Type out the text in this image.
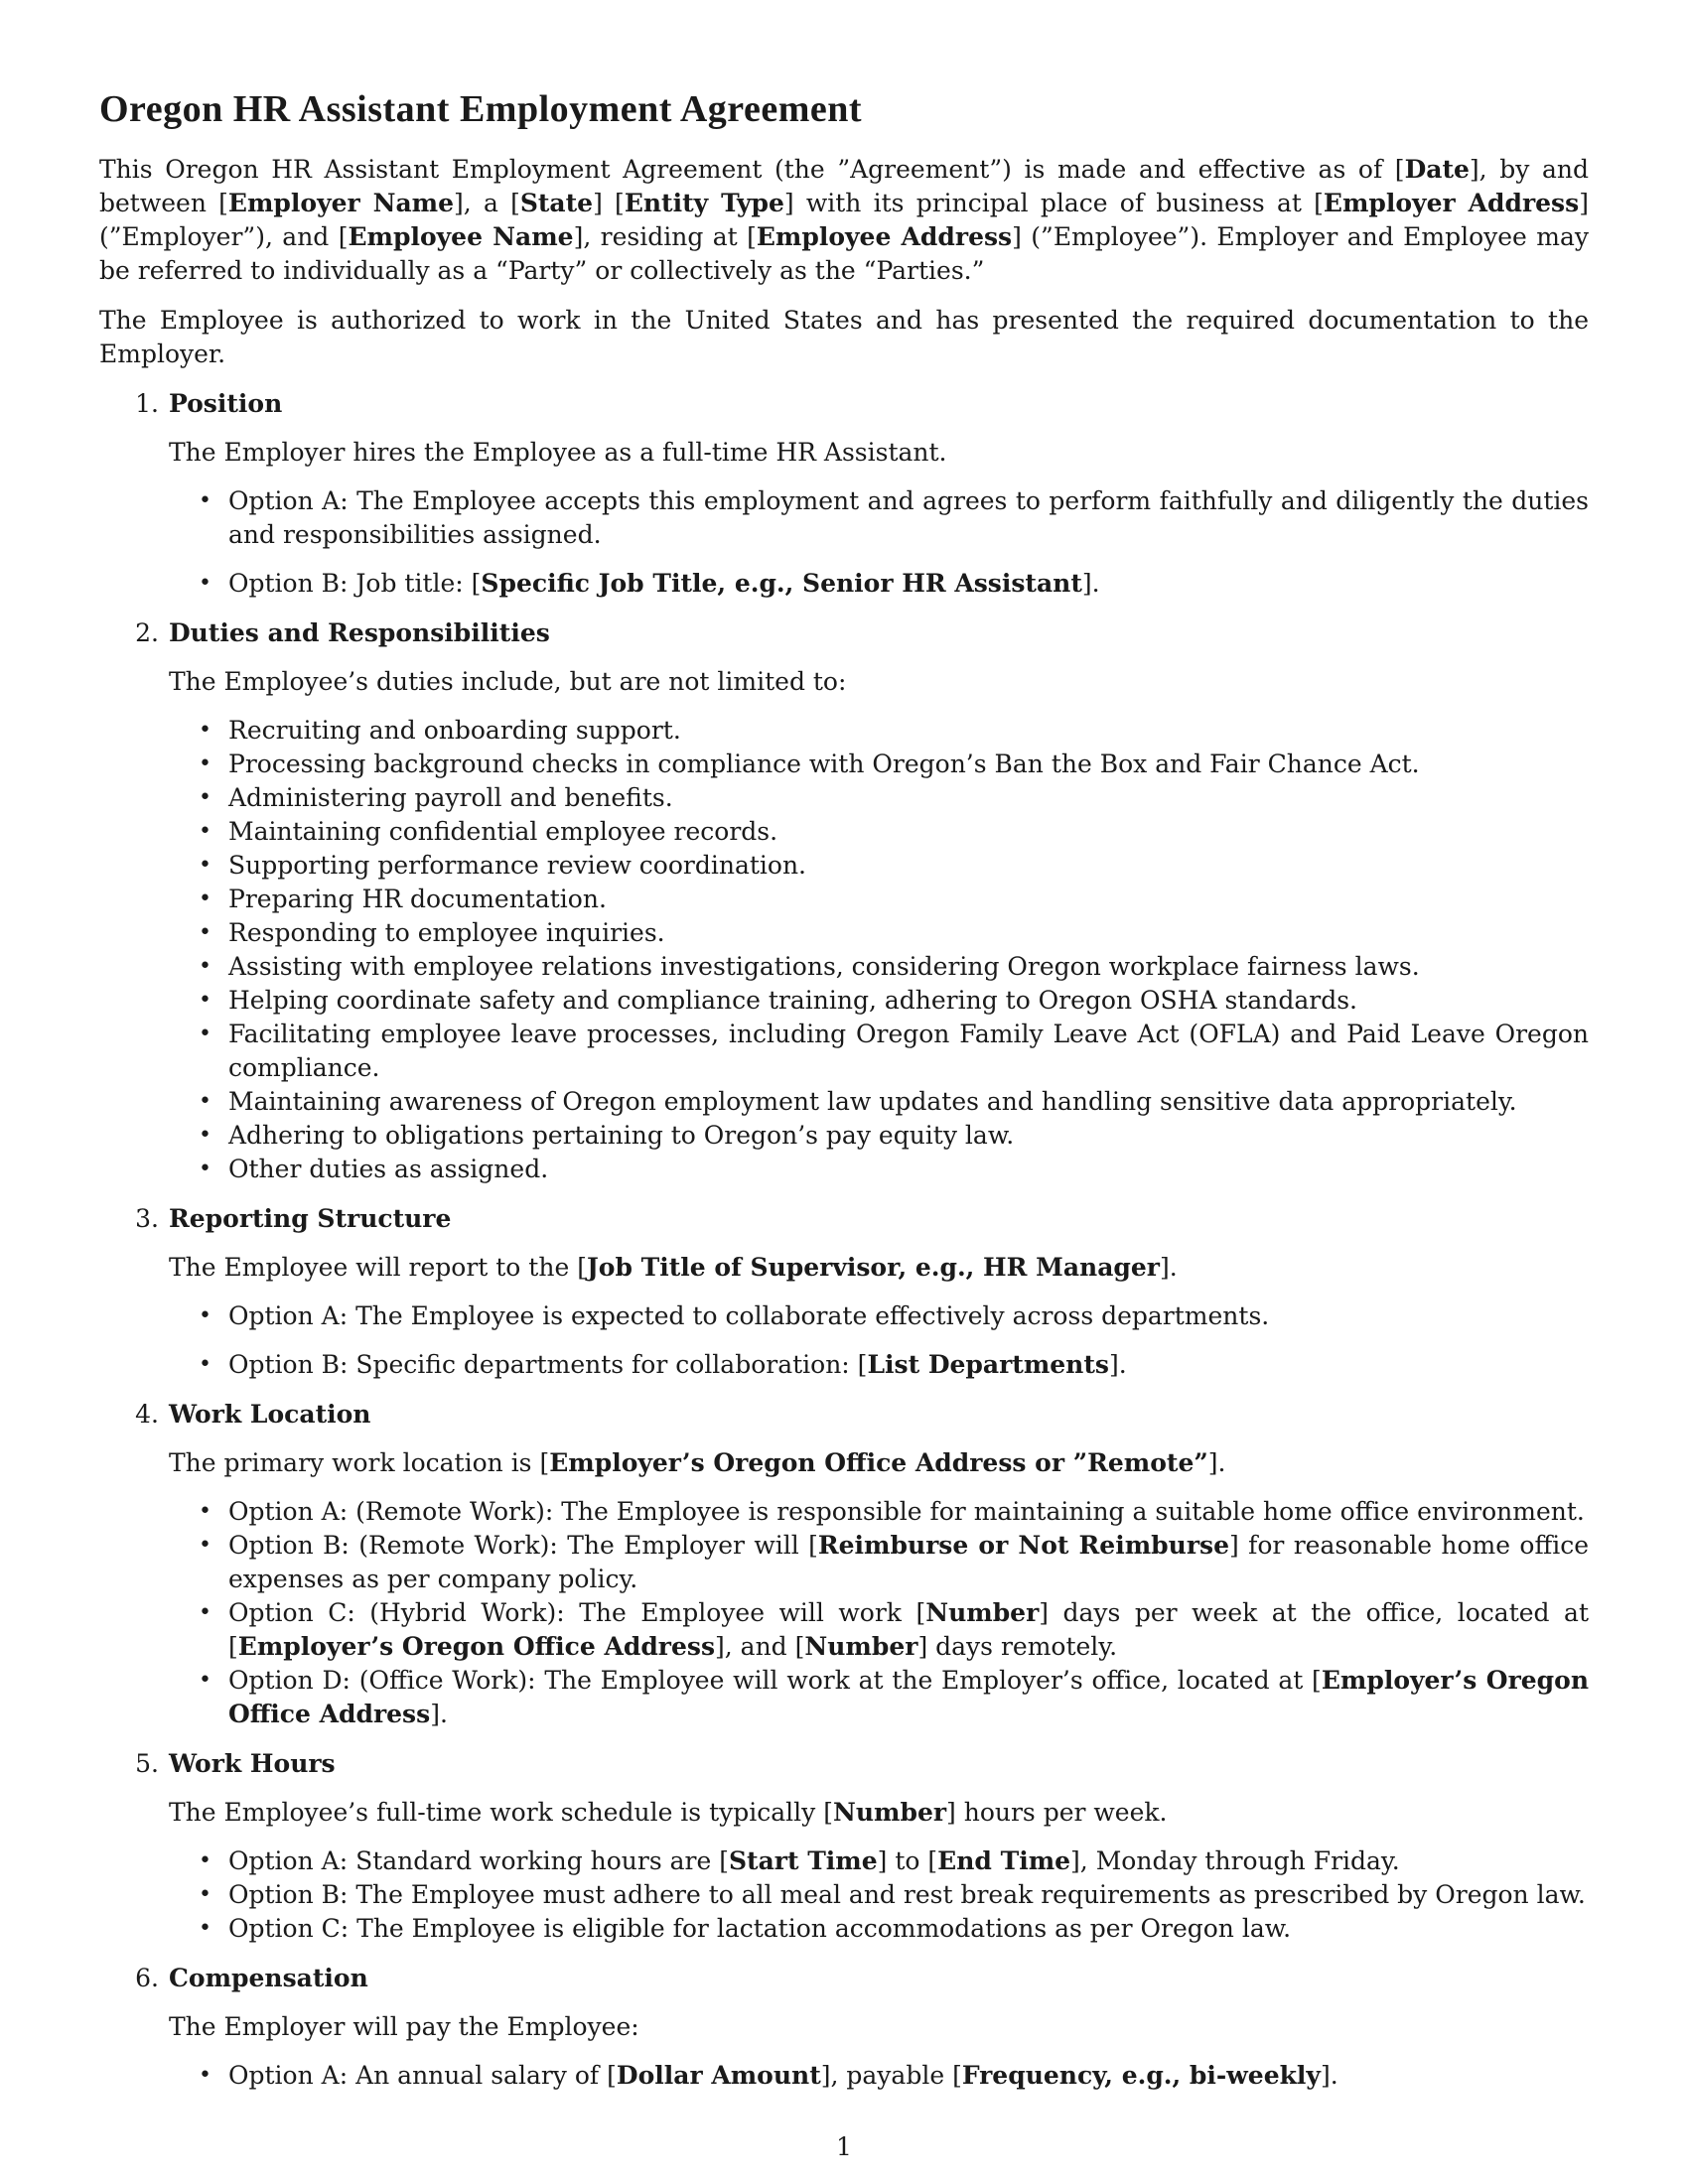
Oregon HR Assistant Employment Agreement

This Oregon HR Assistant Employment Agreement (the ”Agreement”) is made and effective as of [Date], by and between [Employer Name], a [State] [Entity Type] with its principal place of business at [Employer Address] (”Employer”), and [Employee Name], residing at [Employee Address] (”Employee”). Employer and Employee may be referred to individually as a “Party” or collectively as the “Parties.”

The Employee is authorized to work in the United States and has presented the required documentation to the Employer.

1. Position

The Employer hires the Employee as a full-time HR Assistant.

• Option A: The Employee accepts this employment and agrees to perform faithfully and diligently the duties and responsibilities assigned.
• Option B: Job title: [Specific Job Title, e.g., Senior HR Assistant].
2. Duties and Responsibilities

The Employee’s duties include, but are not limited to:

• Recruiting and onboarding support.
• Processing background checks in compliance with Oregon’s Ban the Box and Fair Chance Act.
• Administering payroll and benefits.
• Maintaining confidential employee records.
• Supporting performance review coordination.
• Preparing HR documentation.
• Responding to employee inquiries.
• Assisting with employee relations investigations, considering Oregon workplace fairness laws.
• Helping coordinate safety and compliance training, adhering to Oregon OSHA standards.
• Facilitating employee leave processes, including Oregon Family Leave Act (OFLA) and Paid Leave Oregon compliance.
• Maintaining awareness of Oregon employment law updates and handling sensitive data appropriately.
• Adhering to obligations pertaining to Oregon’s pay equity law.
• Other duties as assigned.
3. Reporting Structure

The Employee will report to the [Job Title of Supervisor, e.g., HR Manager].

• Option A: The Employee is expected to collaborate effectively across departments.
• Option B: Specific departments for collaboration: [List Departments].
4. Work Location

The primary work location is [Employer’s Oregon Office Address or ”Remote”].

• Option A: (Remote Work): The Employee is responsible for maintaining a suitable home office environment.
• Option B: (Remote Work): The Employer will [Reimburse or Not Reimburse] for reasonable home office expenses as per company policy.
• Option C: (Hybrid Work): The Employee will work [Number] days per week at the office, located at [Employer’s Oregon Office Address], and [Number] days remotely.
• Option D: (Office Work): The Employee will work at the Employer’s office, located at [Employer’s Oregon Office Address].
5. Work Hours

The Employee’s full-time work schedule is typically [Number] hours per week.

• Option A: Standard working hours are [Start Time] to [End Time], Monday through Friday.
• Option B: The Employee must adhere to all meal and rest break requirements as prescribed by Oregon law.
• Option C: The Employee is eligible for lactation accommodations as per Oregon law.
6. Compensation

The Employer will pay the Employee:

• Option A: An annual salary of [Dollar Amount], payable [Frequency, e.g., bi-weekly].
1
